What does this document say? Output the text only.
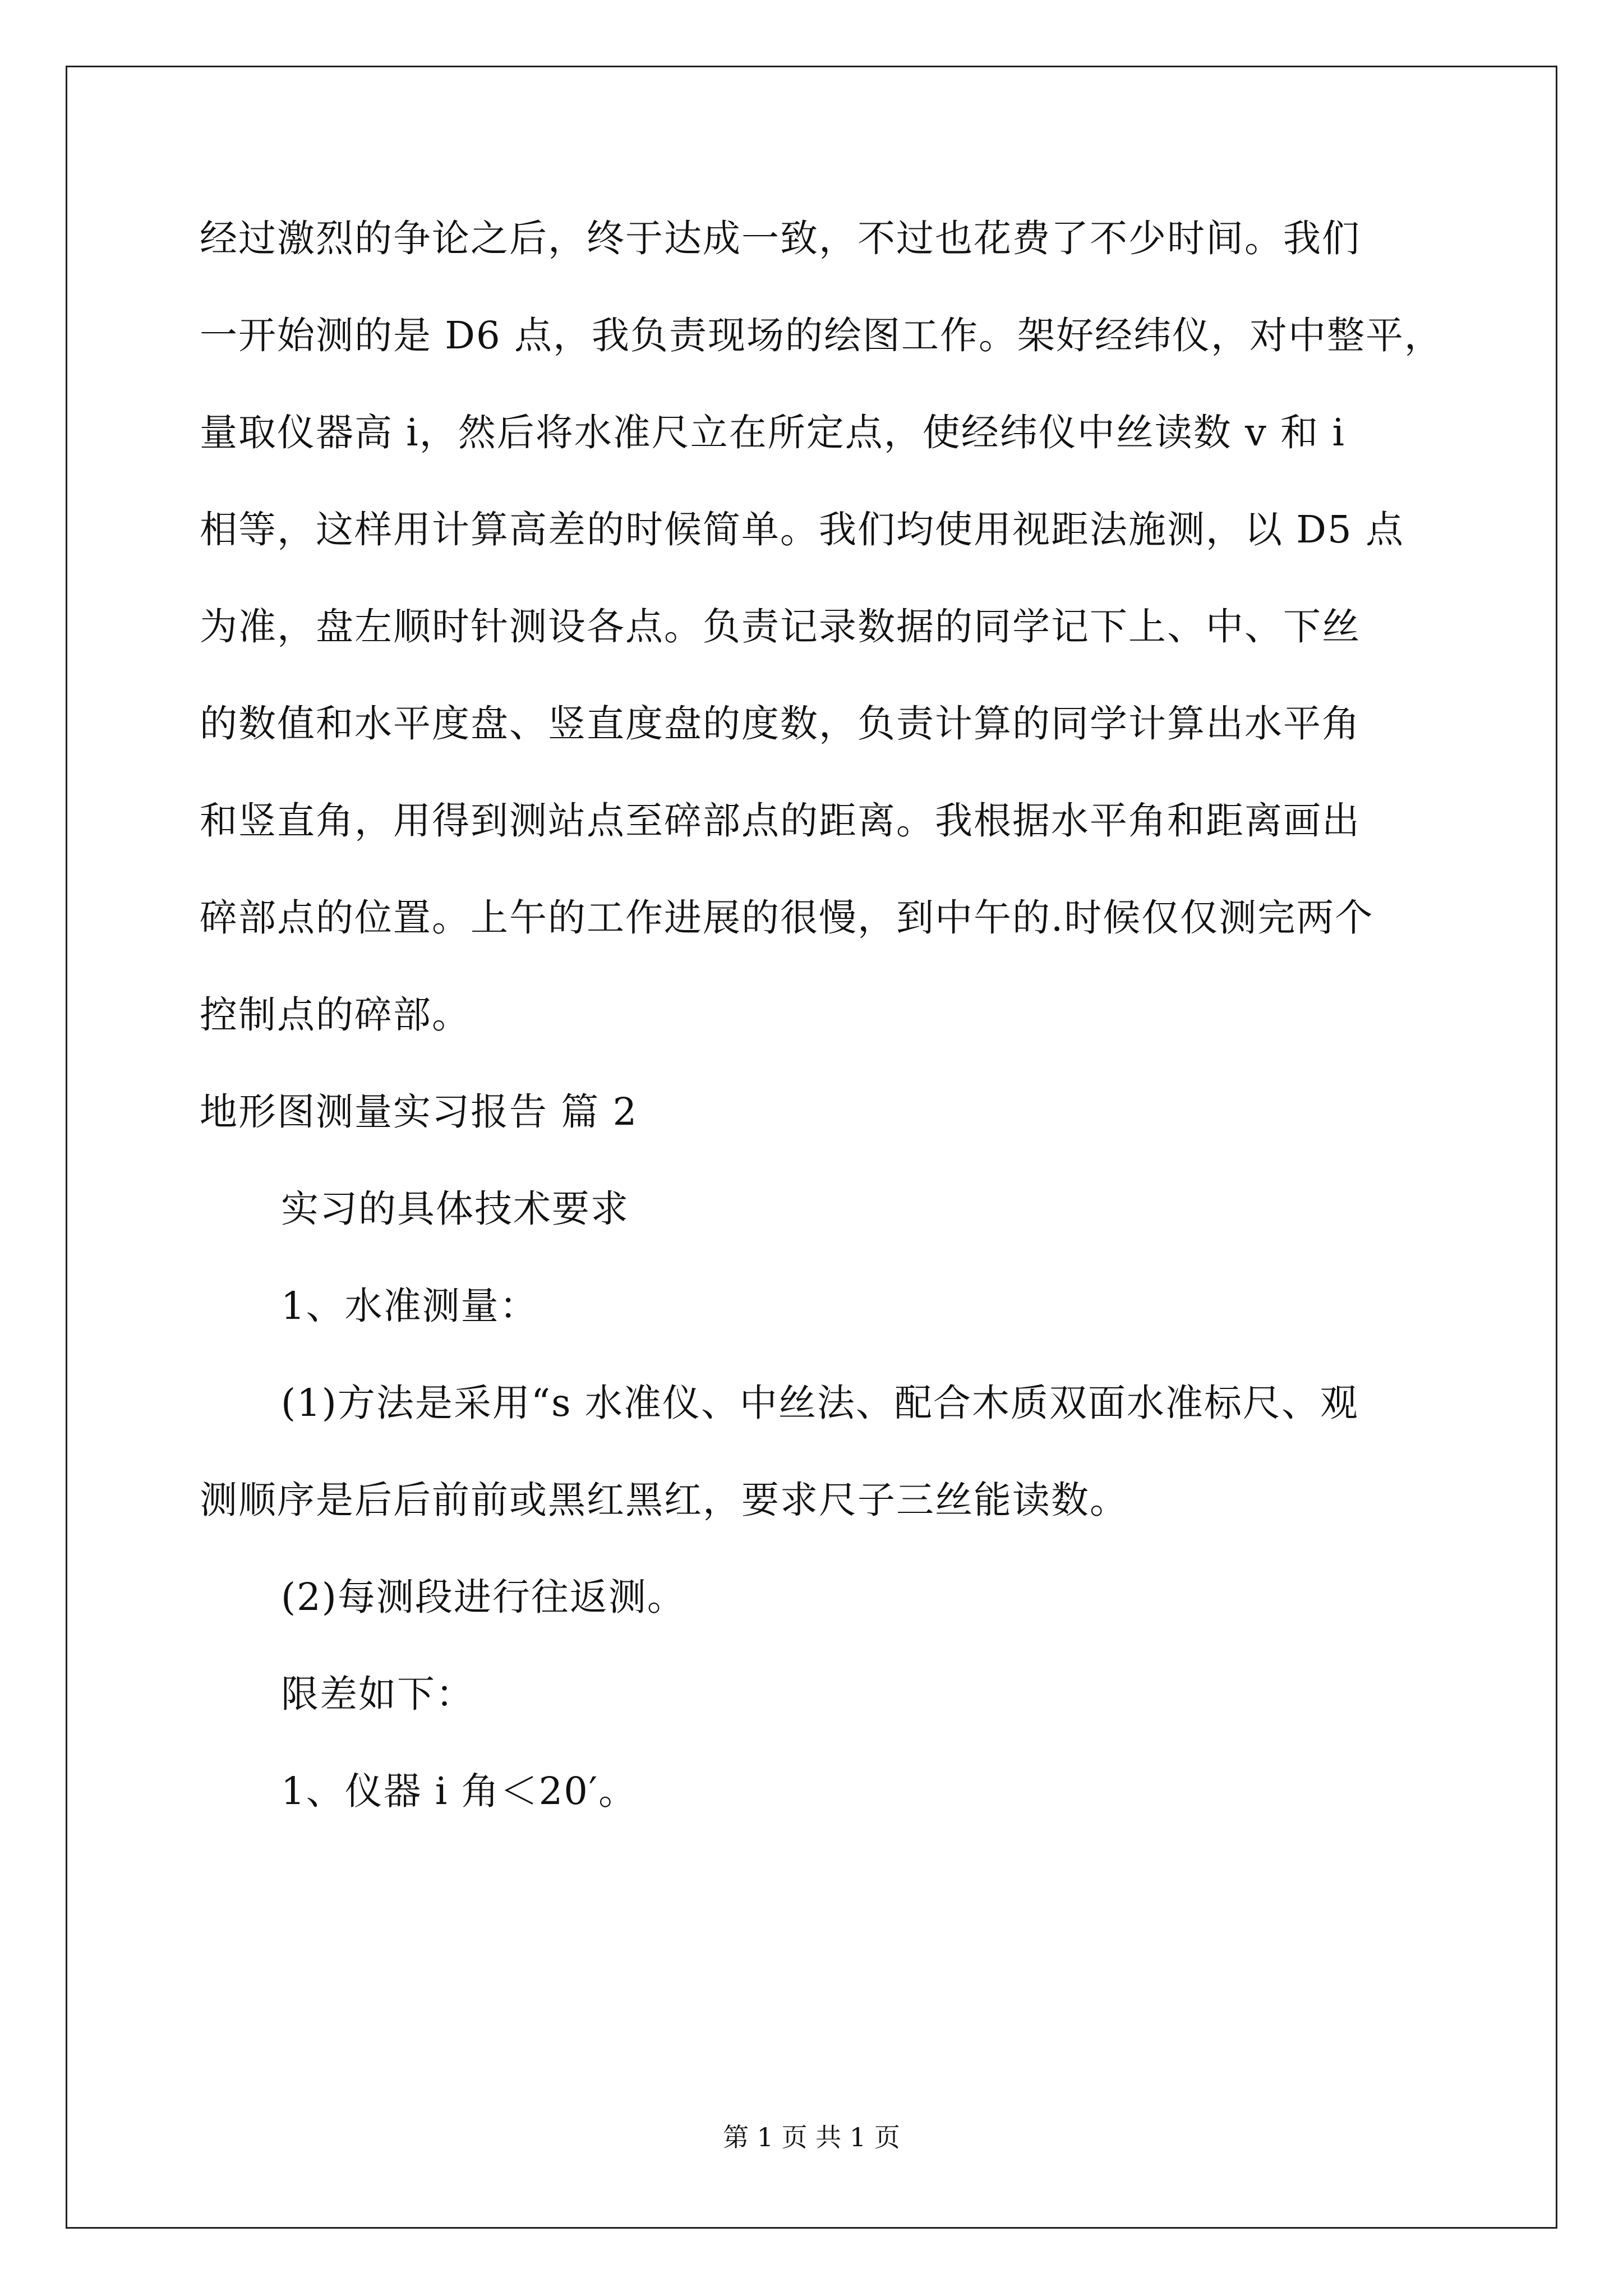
经过激烈的争论之后，终于达成一致，不过也花费了不少时间。我们
一开始测的是 D6 点，我负责现场的绘图工作。架好经纬仪，对中整平，
量取仪器高 i，然后将水准尺立在所定点，使经纬仪中丝读数 v 和 i
相等，这样用计算高差的时候简单。我们均使用视距法施测，以 D5 点
为准，盘左顺时针测设各点。负责记录数据的同学记下上、中、下丝
的数值和水平度盘、竖直度盘的度数，负责计算的同学计算出水平角
和竖直角，用得到测站点至碎部点的距离。我根据水平角和距离画出
碎部点的位置。上午的工作进展的很慢，到中午的.时候仅仅测完两个
控制点的碎部。
地形图测量实习报告 篇 2
实习的具体技术要求
1、水准测量：
(1)方法是采用“s 水准仪、中丝法、配合木质双面水准标尺、观
测顺序是后后前前或黑红黑红，要求尺子三丝能读数。
(2)每测段进行往返测。
限差如下：
1、仪器 i 角＜20′。
第 1 页 共 1 页
